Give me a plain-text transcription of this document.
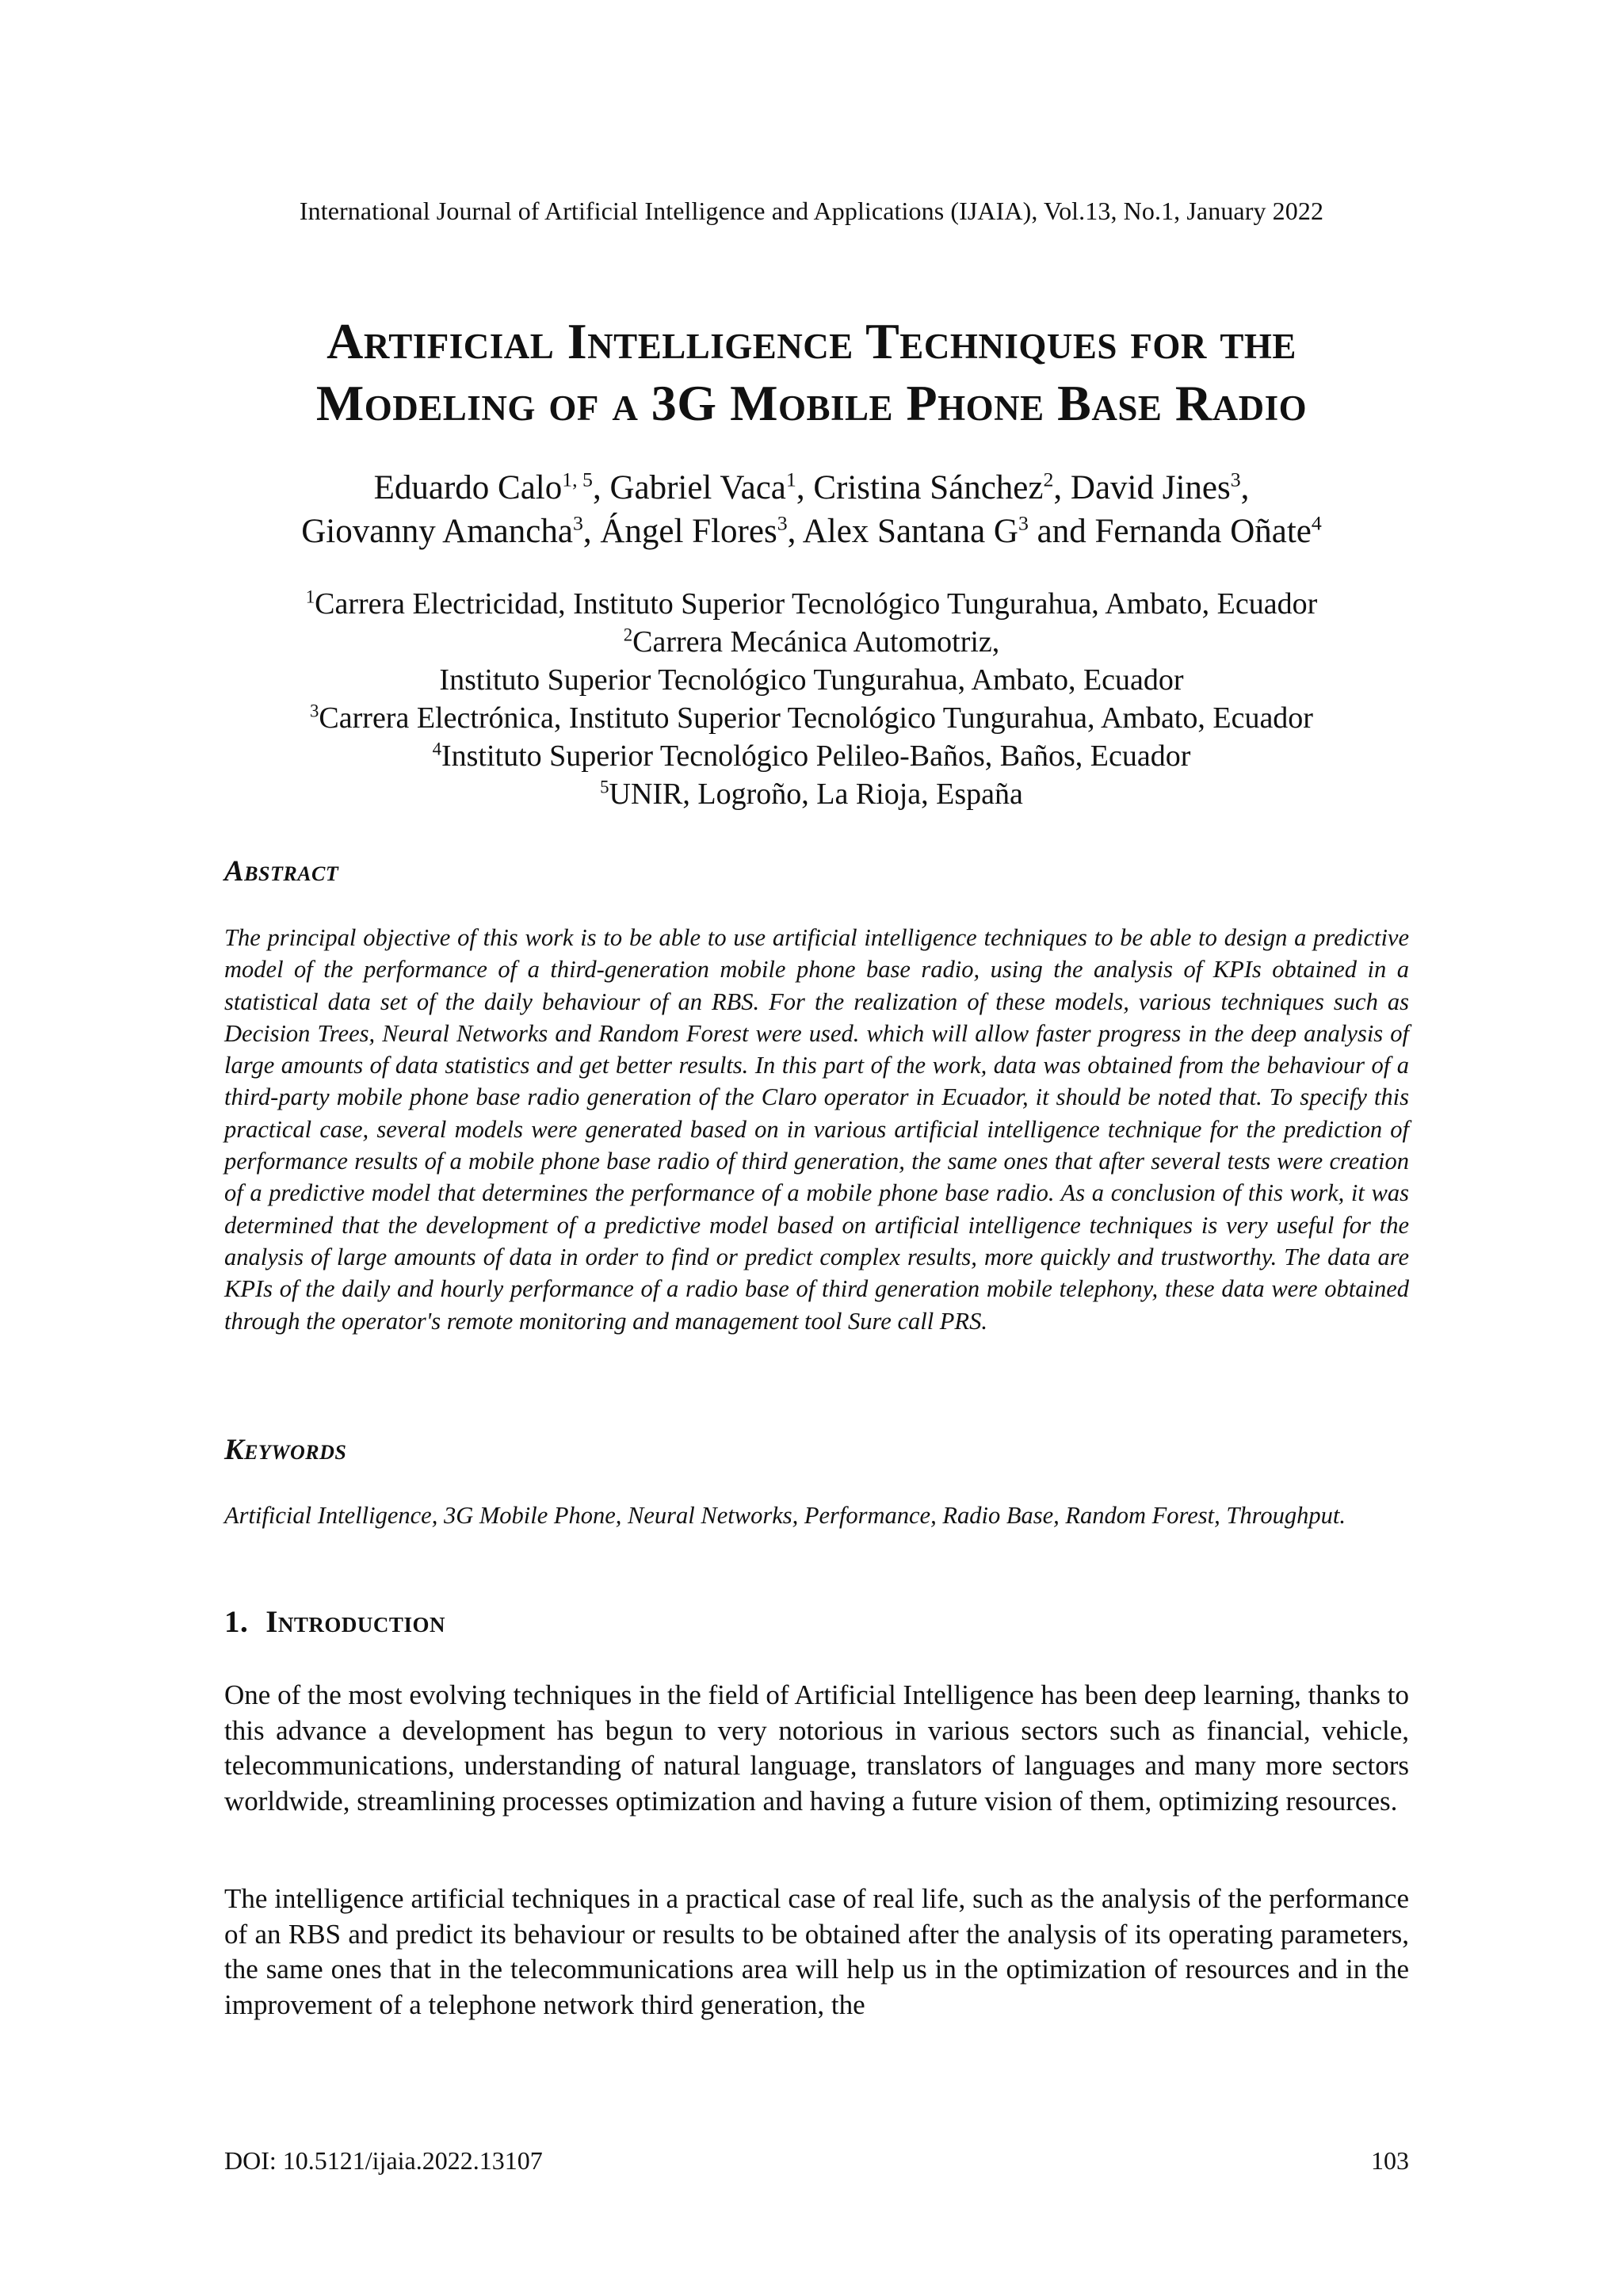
International Journal of Artificial Intelligence and Applications (IJAIA), Vol.13, No.1, January 2022
Artificial Intelligence Techniques for the
Modeling of a 3G Mobile Phone Base Radio
Eduardo Calo$^{1, 5}$, Gabriel Vaca$^1$, Cristina Sánchez$^2$, David Jines$^3$,
Giovanny Amancha$^3$, Ángel Flores$^3$, Alex Santana $G^3$ and Fernanda Oñate$^4$
$^1$Carrera Electricidad, Instituto Superior Tecnológico Tungurahua, Ambato, Ecuador
$^2$Carrera Mecánica Automotriz,
Instituto Superior Tecnológico Tungurahua, Ambato, Ecuador
$^3$Carrera Electrónica, Instituto Superior Tecnológico Tungurahua, Ambato, Ecuador
$^4$Instituto Superior Tecnológico Pelileo-Baños, Baños, Ecuador
$^5$UNIR, Logroño, La Rioja, España
Abstract
The principal objective of this work is to be able to use artificial intelligence techniques to be able to design a predictive model of the performance of a third-generation mobile phone base radio, using the analysis of KPIs obtained in a statistical data set of the daily behaviour of an RBS. For the realization of these models, various techniques such as Decision Trees, Neural Networks and Random Forest were used. which will allow faster progress in the deep analysis of large amounts of data statistics and get better results. In this part of the work, data was obtained from the behaviour of a third-party mobile phone base radio generation of the Claro operator in Ecuador, it should be noted that. To specify this practical case, several models were generated based on in various artificial intelligence technique for the prediction of performance results of a mobile phone base radio of third generation, the same ones that after several tests were creation of a predictive model that determines the performance of a mobile phone base radio. As a conclusion of this work, it was determined that the development of a predictive model based on artificial intelligence techniques is very useful for the analysis of large amounts of data in order to find or predict complex results, more quickly and trustworthy. The data are KPIs of the daily and hourly performance of a radio base of third generation mobile telephony, these data were obtained through the operator's remote monitoring and management tool Sure call PRS.
Keywords
Artificial Intelligence, 3G Mobile Phone, Neural Networks, Performance, Radio Base, Random Forest, Throughput.
1. Introduction
One of the most evolving techniques in the field of Artificial Intelligence has been deep learning, thanks to this advance a development has begun to very notorious in various sectors such as financial, vehicle, telecommunications, understanding of natural language, translators of languages and many more sectors worldwide, streamlining processes optimization and having a future vision of them, optimizing resources.
The intelligence artificial techniques in a practical case of real life, such as the analysis of the performance of an RBS and predict its behaviour or results to be obtained after the analysis of its operating parameters, the same ones that in the telecommunications area will help us in the optimization of resources and in the improvement of a telephone network third generation, the
DOI: 10.5121/ijaia.2022.13107	103
